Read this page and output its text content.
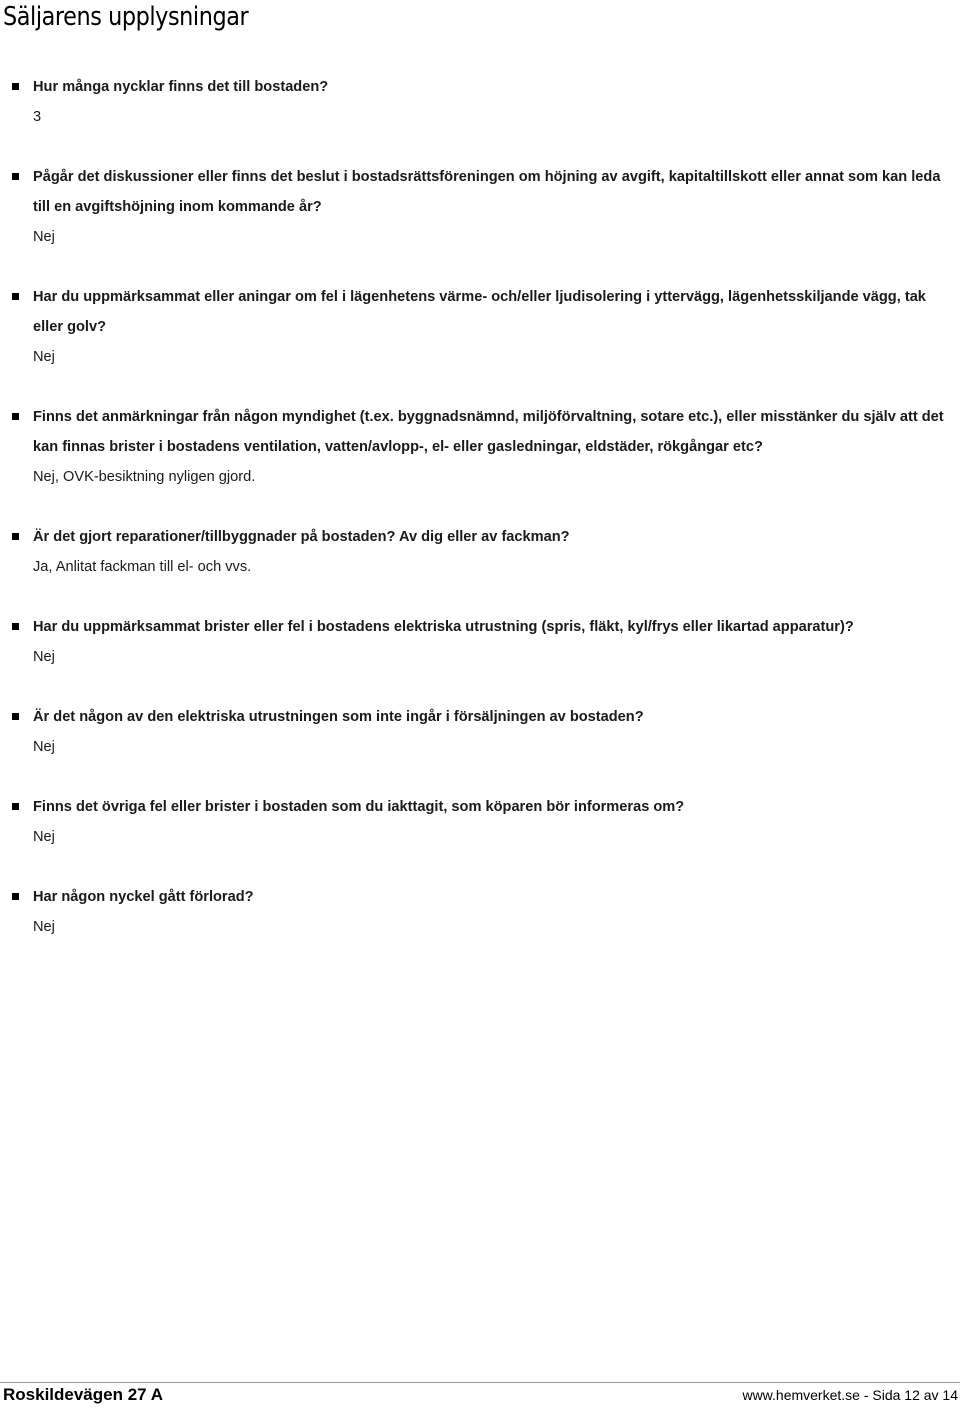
Säljarens upplysningar

Hur många nycklar finns det till bostaden?

3

Pågår det diskussioner eller finns det beslut i bostadsrättsföreningen om höjning av avgift, kapitaltillskott eller annat som kan leda till en avgiftshöjning inom kommande år?

Nej

Har du uppmärksammat eller aningar om fel i lägenhetens värme- och/eller ljudisolering i yttervägg, lägenhetsskiljande vägg, tak eller golv?

Nej

Finns det anmärkningar från någon myndighet (t.ex. byggnadsnämnd, miljöförvaltning, sotare etc.), eller misstänker du själv att det kan finnas brister i bostadens ventilation, vatten/avlopp-, el- eller gasledningar, eldstäder, rökgångar etc?

Nej, OVK-besiktning nyligen gjord.

Är det gjort reparationer/tillbyggnader på bostaden? Av dig eller av fackman?

Ja, Anlitat fackman till el- och vvs.

Har du uppmärksammat brister eller fel i bostadens elektriska utrustning (spris, fläkt, kyl/frys eller likartad apparatur)?

Nej

Är det någon av den elektriska utrustningen som inte ingår i försäljningen av bostaden?

Nej

Finns det övriga fel eller brister i bostaden som du iakttagit, som köparen bör informeras om?

Nej

Har någon nyckel gått förlorad?

Nej

Roskildevägen 27 A	www.hemverket.se - Sida 12 av 14
